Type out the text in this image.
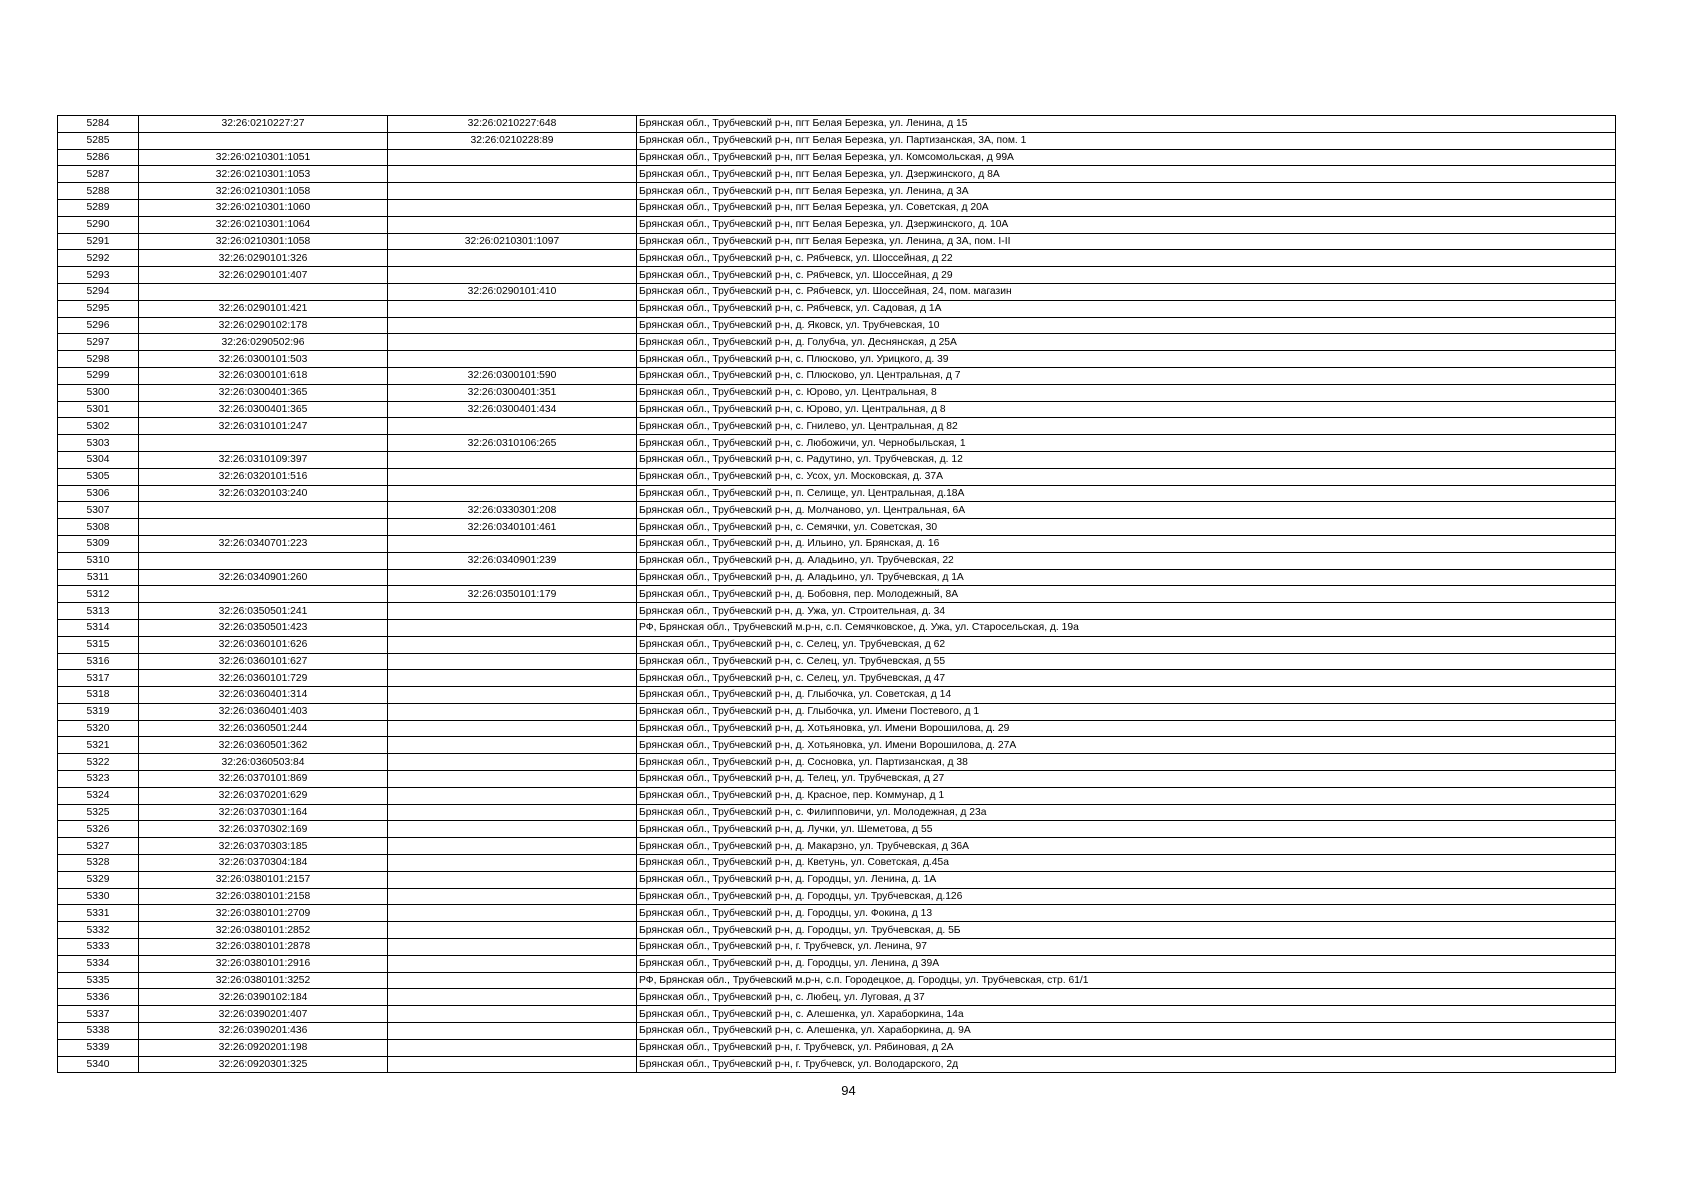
5284	32:26:0210227:27	32:26:0210227:648	Брянская обл., Трубчевский р-н, пгт Белая Березка, ул. Ленина, д 15
5285		32:26:0210228:89	Брянская обл., Трубчевский р-н, пгт Белая Березка, ул. Партизанская, 3А, пом. 1
5286	32:26:0210301:1051		Брянская обл., Трубчевский р-н, пгт Белая Березка, ул. Комсомольская, д 99А
5287	32:26:0210301:1053		Брянская обл., Трубчевский р-н, пгт Белая Березка, ул. Дзержинского, д 8А
5288	32:26:0210301:1058		Брянская обл., Трубчевский р-н, пгт Белая Березка, ул. Ленина, д 3А
5289	32:26:0210301:1060		Брянская обл., Трубчевский р-н, пгт Белая Березка, ул. Советская, д 20А
5290	32:26:0210301:1064		Брянская обл., Трубчевский р-н, пгт Белая Березка, ул. Дзержинского, д. 10А
5291	32:26:0210301:1058	32:26:0210301:1097	Брянская обл., Трубчевский р-н, пгт Белая Березка, ул. Ленина, д 3А, пом. I-II
5292	32:26:0290101:326		Брянская обл., Трубчевский р-н, с. Рябчевск, ул. Шоссейная, д 22
5293	32:26:0290101:407		Брянская обл., Трубчевский р-н, с. Рябчевск, ул. Шоссейная, д 29
5294		32:26:0290101:410	Брянская обл., Трубчевский р-н, с. Рябчевск, ул. Шоссейная, 24, пом. магазин
5295	32:26:0290101:421		Брянская обл., Трубчевский р-н, с. Рябчевск, ул. Садовая, д 1А
5296	32:26:0290102:178		Брянская обл., Трубчевский р-н, д. Яковск, ул. Трубчевская, 10
5297	32:26:0290502:96		Брянская обл., Трубчевский р-н, д. Голубча, ул. Деснянская, д 25А
5298	32:26:0300101:503		Брянская обл., Трубчевский р-н, с. Плюсково, ул. Урицкого, д. 39
5299	32:26:0300101:618	32:26:0300101:590	Брянская обл., Трубчевский р-н, с. Плюсково, ул. Центральная, д 7
5300	32:26:0300401:365	32:26:0300401:351	Брянская обл., Трубчевский р-н, с. Юрово, ул. Центральная, 8
5301	32:26:0300401:365	32:26:0300401:434	Брянская обл., Трубчевский р-н, с. Юрово, ул. Центральная, д 8
5302	32:26:0310101:247		Брянская обл., Трубчевский р-н, с. Гнилево, ул. Центральная, д 82
5303		32:26:0310106:265	Брянская обл., Трубчевский р-н, с. Любожичи, ул. Чернобыльская, 1
5304	32:26:0310109:397		Брянская обл., Трубчевский р-н, с. Радутино, ул. Трубчевская, д. 12
5305	32:26:0320101:516		Брянская обл., Трубчевский р-н, с. Усох, ул. Московская, д. 37А
5306	32:26:0320103:240		Брянская обл., Трубчевский р-н, п. Селище, ул. Центральная, д.18А
5307		32:26:0330301:208	Брянская обл., Трубчевский р-н, д. Молчаново, ул. Центральная, 6А
5308		32:26:0340101:461	Брянская обл., Трубчевский р-н, с. Семячки, ул. Советская, 30
5309	32:26:0340701:223		Брянская обл., Трубчевский р-н, д. Ильино, ул. Брянская, д. 16
5310		32:26:0340901:239	Брянская обл., Трубчевский р-н, д. Аладьино, ул. Трубчевская, 22
5311	32:26:0340901:260		Брянская обл., Трубчевский р-н, д. Аладьино, ул. Трубчевская, д 1А
5312		32:26:0350101:179	Брянская обл., Трубчевский р-н, д. Бобовня, пер. Молодежный, 8А
5313	32:26:0350501:241		Брянская обл., Трубчевский р-н, д. Ужа, ул. Строительная, д. 34
5314	32:26:0350501:423		РФ, Брянская обл., Трубчевский м.р-н, с.п. Семячковское, д. Ужа, ул. Старосельская, д. 19а
5315	32:26:0360101:626		Брянская обл., Трубчевский р-н, с. Селец, ул. Трубчевская, д 62
5316	32:26:0360101:627		Брянская обл., Трубчевский р-н, с. Селец, ул. Трубчевская, д 55
5317	32:26:0360101:729		Брянская обл., Трубчевский р-н, с. Селец, ул. Трубчевская, д 47
5318	32:26:0360401:314		Брянская обл., Трубчевский р-н, д. Глыбочка, ул. Советская, д 14
5319	32:26:0360401:403		Брянская обл., Трубчевский р-н, д. Глыбочка, ул. Имени Постевого, д 1
5320	32:26:0360501:244		Брянская обл., Трубчевский р-н, д. Хотьяновка, ул. Имени Ворошилова, д. 29
5321	32:26:0360501:362		Брянская обл., Трубчевский р-н, д. Хотьяновка, ул. Имени Ворошилова, д. 27А
5322	32:26:0360503:84		Брянская обл., Трубчевский р-н, д. Сосновка, ул. Партизанская, д 38
5323	32:26:0370101:869		Брянская обл., Трубчевский р-н, д. Телец, ул. Трубчевская, д 27
5324	32:26:0370201:629		Брянская обл., Трубчевский р-н, д. Красное, пер. Коммунар, д 1
5325	32:26:0370301:164		Брянская обл., Трубчевский р-н, с. Филипповичи, ул. Молодежная, д 23а
5326	32:26:0370302:169		Брянская обл., Трубчевский р-н, д. Лучки, ул. Шеметова, д 55
5327	32:26:0370303:185		Брянская обл., Трубчевский р-н, д. Макарзно, ул. Трубчевская, д 36А
5328	32:26:0370304:184		Брянская обл., Трубчевский р-н, д. Кветунь, ул. Советская, д.45а
5329	32:26:0380101:2157		Брянская обл., Трубчевский р-н, д. Городцы, ул. Ленина, д. 1А
5330	32:26:0380101:2158		Брянская обл., Трубчевский р-н, д. Городцы, ул. Трубчевская, д.126
5331	32:26:0380101:2709		Брянская обл., Трубчевский р-н, д. Городцы, ул. Фокина, д 13
5332	32:26:0380101:2852		Брянская обл., Трубчевский р-н, д. Городцы, ул. Трубчевская, д. 5Б
5333	32:26:0380101:2878		Брянская обл., Трубчевский р-н, г. Трубчевск, ул. Ленина, 97
5334	32:26:0380101:2916		Брянская обл., Трубчевский р-н, д. Городцы, ул. Ленина, д 39А
5335	32:26:0380101:3252		РФ, Брянская обл., Трубчевский м.р-н, с.п. Городецкое, д. Городцы, ул. Трубчевская, стр. 61/1
5336	32:26:0390102:184		Брянская обл., Трубчевский р-н, с. Любец, ул. Луговая, д 37
5337	32:26:0390201:407		Брянская обл., Трубчевский р-н, с. Алешенка, ул. Хараборкина, 14а
5338	32:26:0390201:436		Брянская обл., Трубчевский р-н, с. Алешенка, ул. Хараборкина, д. 9А
5339	32:26:0920201:198		Брянская обл., Трубчевский р-н, г. Трубчевск, ул. Рябиновая, д 2А
5340	32:26:0920301:325		Брянская обл., Трубчевский р-н, г. Трубчевск, ул. Володарского, 2д
94
